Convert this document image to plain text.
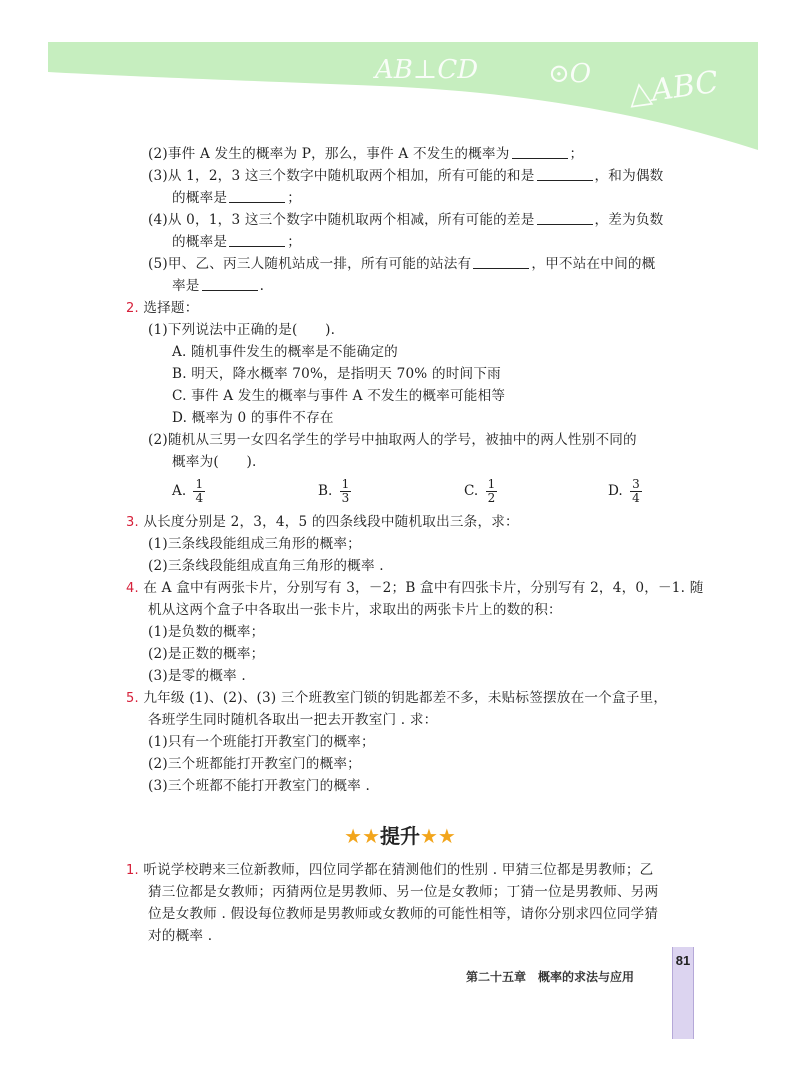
AB⊥CD	⊙O △ABC
(2)事件 A 发生的概率为 P，那么，事件 A 不发生的概率为	；
(3)从 1，2，3 这三个数字中随机取两个相加，所有可能的和是	，和为偶数
的概率是	；
(4)从 0，1，3 这三个数字中随机取两个相减，所有可能的差是	，差为负数
的概率是	；
(5)甲、乙、丙三人随机站成一排，所有可能的站法有	，甲不站在中间的概
率是	.
2. 选择题：
(1)下列说法中正确的是(　　).
A. 随机事件发生的概率是不能确定的
B. 明天，降水概率 70%，是指明天 70% 的时间下雨
C. 事件 A 发生的概率与事件 A 不发生的概率可能相等
D. 概率为 0 的事件不存在
(2)随机从三男一女四名学生的学号中抽取两人的学号，被抽中的两人性别不同的
概率为(　　).
A. $\frac{1}{4}$	B. $\frac{1}{3}$	C. $\frac{1}{2}$	D. $\frac{3}{4}$
3. 从长度分别是 2，3，4，5 的四条线段中随机取出三条，求：
(1)三条线段能组成三角形的概率；
(2)三条线段能组成直角三角形的概率 .
4. 在 A 盒中有两张卡片，分别写有 3，－2；B 盒中有四张卡片，分别写有 2，4，0，－1. 随
机从这两个盒子中各取出一张卡片，求取出的两张卡片上的数的积：
(1)是负数的概率；
(2)是正数的概率；
(3)是零的概率 .
5. 九年级 (1)、(2)、(3) 三个班教室门锁的钥匙都差不多，未贴标签摆放在一个盒子里，
各班学生同时随机各取出一把去开教室门 . 求：
(1)只有一个班能打开教室门的概率；
(2)三个班都能打开教室门的概率；
(3)三个班都不能打开教室门的概率 .
★★提升★★
1. 听说学校聘来三位新教师，四位同学都在猜测他们的性别 . 甲猜三位都是男教师；乙
猜三位都是女教师；丙猜两位是男教师、另一位是女教师；丁猜一位是男教师、另两
位是女教师 . 假设每位教师是男教师或女教师的可能性相等，请你分别求四位同学猜
对的概率 .
第二十五章　概率的求法与应用
81
